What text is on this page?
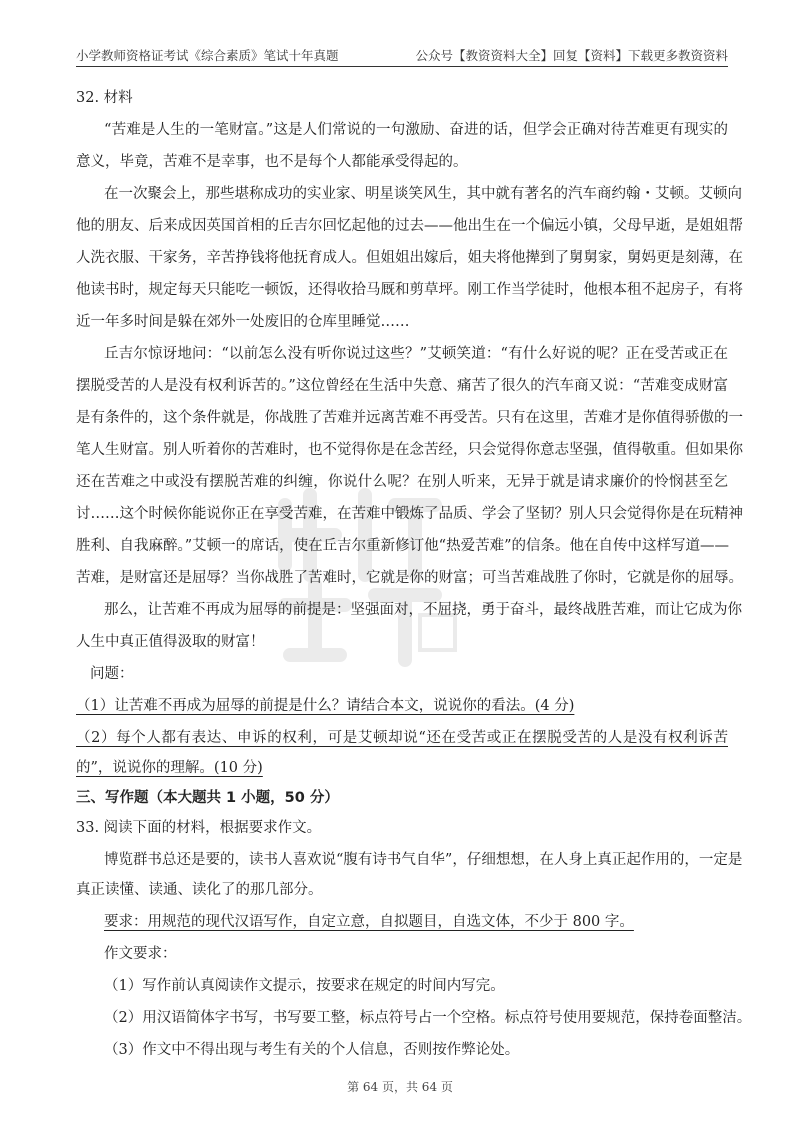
小学教师资格证考试《综合素质》笔试十年真题	公众号【教资资料大全】回复【资料】下载更多教资资料
32. 材料
“苦难是人生的一笔财富。”这是人们常说的一句激励、奋进的话，但学会正确对待苦难更有现实的
意义，毕竟，苦难不是幸事，也不是每个人都能承受得起的。
在一次聚会上，那些堪称成功的实业家、明星谈笑风生，其中就有著名的汽车商约翰・艾顿。艾顿向
他的朋友、后来成因英国首相的丘吉尔回忆起他的过去——他出生在一个偏远小镇，父母早逝，是姐姐帮
人洗衣服、干家务，辛苦挣钱将他抚育成人。但姐姐出嫁后，姐夫将他撵到了舅舅家，舅妈更是刻薄，在
他读书时，规定每天只能吃一顿饭，还得收拾马厩和剪草坪。刚工作当学徒时，他根本租不起房子，有将
近一年多时间是躲在郊外一处废旧的仓库里睡觉……
丘吉尔惊讶地问：“以前怎么没有听你说过这些？”艾顿笑道：“有什么好说的呢？正在受苦或正在
摆脱受苦的人是没有权利诉苦的。”这位曾经在生活中失意、痛苦了很久的汽车商又说：“苦难变成财富
是有条件的，这个条件就是，你战胜了苦难并远离苦难不再受苦。只有在这里，苦难才是你值得骄傲的一
笔人生财富。别人听着你的苦难时，也不觉得你是在念苦经，只会觉得你意志坚强，值得敬重。但如果你
还在苦难之中或没有摆脱苦难的纠缠，你说什么呢？在别人听来，无异于就是请求廉价的怜悯甚至乞
讨……这个时候你能说你正在享受苦难，在苦难中锻炼了品质、学会了坚韧？别人只会觉得你是在玩精神
胜利、自我麻醉。”艾顿一的席话，使在丘吉尔重新修订他“热爱苦难”的信条。他在自传中这样写道——
苦难，是财富还是屈辱？当你战胜了苦难时，它就是你的财富；可当苦难战胜了你时，它就是你的屈辱。
那么，让苦难不再成为屈辱的前提是：坚强面对，不屈挠，勇于奋斗，最终战胜苦难，而让它成为你
人生中真正值得汲取的财富！
问题：
（1）让苦难不再成为屈辱的前提是什么？请结合本文，说说你的看法。(4 分)
（2）每个人都有表达、申诉的权利，可是艾顿却说“还在受苦或正在摆脱受苦的人是没有权利诉苦
的”，说说你的理解。(10 分)
三、写作题（本大题共 1 小题，50 分）
33. 阅读下面的材料，根据要求作文。
博览群书总还是要的，读书人喜欢说“腹有诗书气自华”，仔细想想，在人身上真正起作用的，一定是
真正读懂、读通、读化了的那几部分。
要求：用规范的现代汉语写作，自定立意，自拟题目，自选文体，不少于 800 字。
作文要求：
（1）写作前认真阅读作文提示，按要求在规定的时间内写完。
（2）用汉语简体字书写，书写要工整，标点符号占一个空格。标点符号使用要规范，保持卷面整洁。
（3）作文中不得出现与考生有关的个人信息，否则按作弊论处。
第 64 页，共 64 页
